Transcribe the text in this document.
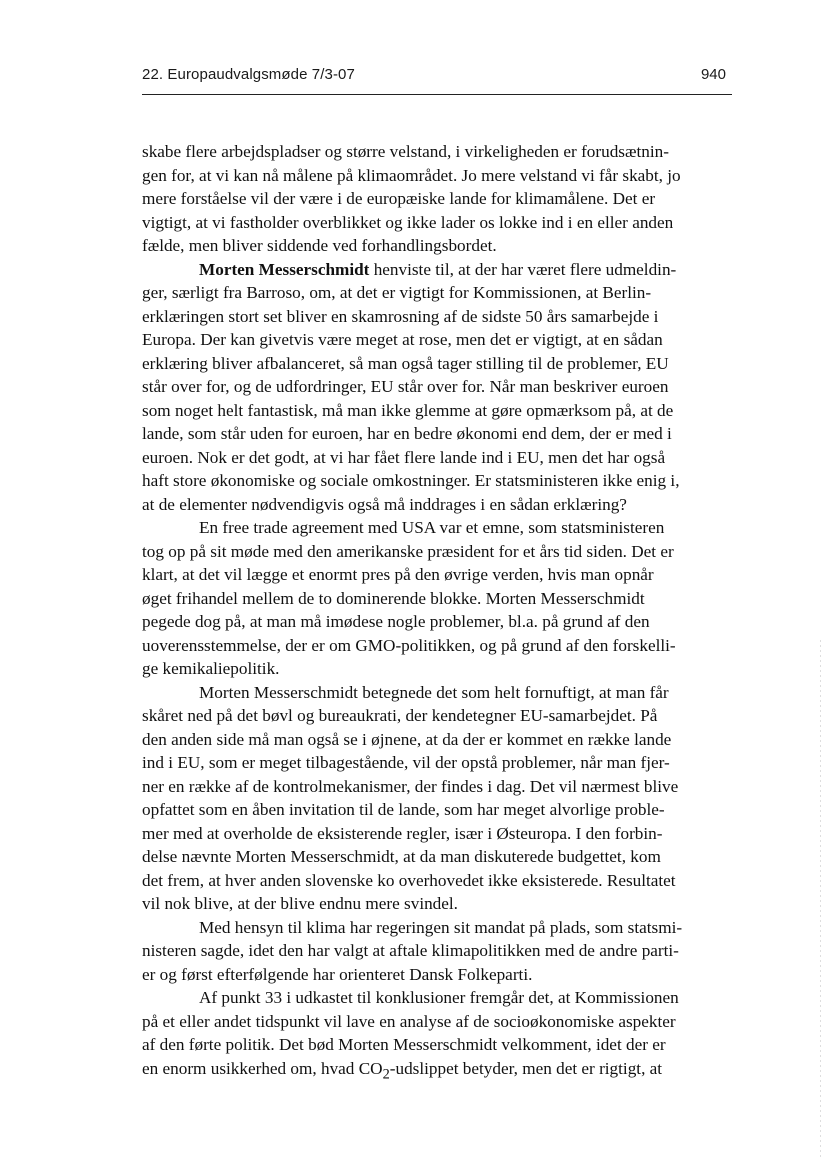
22. Europaudvalgsmøde 7/3-07	940

skabe flere arbejdspladser og større velstand, i virkeligheden er forudsætnin-
gen for, at vi kan nå målene på klimaområdet. Jo mere velstand vi får skabt, jo
mere forståelse vil der være i de europæiske lande for klimamålene. Det er
vigtigt, at vi fastholder overblikket og ikke lader os lokke ind i en eller anden
fælde, men bliver siddende ved forhandlingsbordet.

Morten Messerschmidt henviste til, at der har været flere udmeldin-
ger, særligt fra Barroso, om, at det er vigtigt for Kommissionen, at Berlin-
erklæringen stort set bliver en skamrosning af de sidste 50 års samarbejde i
Europa. Der kan givetvis være meget at rose, men det er vigtigt, at en sådan
erklæring bliver afbalanceret, så man også tager stilling til de problemer, EU
står over for, og de udfordringer, EU står over for. Når man beskriver euroen
som noget helt fantastisk, må man ikke glemme at gøre opmærksom på, at de
lande, som står uden for euroen, har en bedre økonomi end dem, der er med i
euroen. Nok er det godt, at vi har fået flere lande ind i EU, men det har også
haft store økonomiske og sociale omkostninger. Er statsministeren ikke enig i,
at de elementer nødvendigvis også må inddrages i en sådan erklæring?

En free trade agreement med USA var et emne, som statsministeren
tog op på sit møde med den amerikanske præsident for et års tid siden. Det er
klart, at det vil lægge et enormt pres på den øvrige verden, hvis man opnår
øget frihandel mellem de to dominerende blokke. Morten Messerschmidt
pegede dog på, at man må imødese nogle problemer, bl.a. på grund af den
uoverensstemmelse, der er om GMO-politikken, og på grund af den forskelli-
ge kemikaliepolitik.

Morten Messerschmidt betegnede det som helt fornuftigt, at man får
skåret ned på det bøvl og bureaukrati, der kendetegner EU-samarbejdet. På
den anden side må man også se i øjnene, at da der er kommet en række lande
ind i EU, som er meget tilbagestående, vil der opstå problemer, når man fjer-
ner en række af de kontrolmekanismer, der findes i dag. Det vil nærmest blive
opfattet som en åben invitation til de lande, som har meget alvorlige proble-
mer med at overholde de eksisterende regler, især i Østeuropa. I den forbin-
delse nævnte Morten Messerschmidt, at da man diskuterede budgettet, kom
det frem, at hver anden slovenske ko overhovedet ikke eksisterede. Resultatet
vil nok blive, at der blive endnu mere svindel.

Med hensyn til klima har regeringen sit mandat på plads, som statsmi-
nisteren sagde, idet den har valgt at aftale klimapolitikken med de andre parti-
er og først efterfølgende har orienteret Dansk Folkeparti.

Af punkt 33 i udkastet til konklusioner fremgår det, at Kommissionen
på et eller andet tidspunkt vil lave en analyse af de socioøkonomiske aspekter
af den førte politik. Det bød Morten Messerschmidt velkomment, idet der er
en enorm usikkerhed om, hvad $CO_2$-udslippet betyder, men det er rigtigt, at
